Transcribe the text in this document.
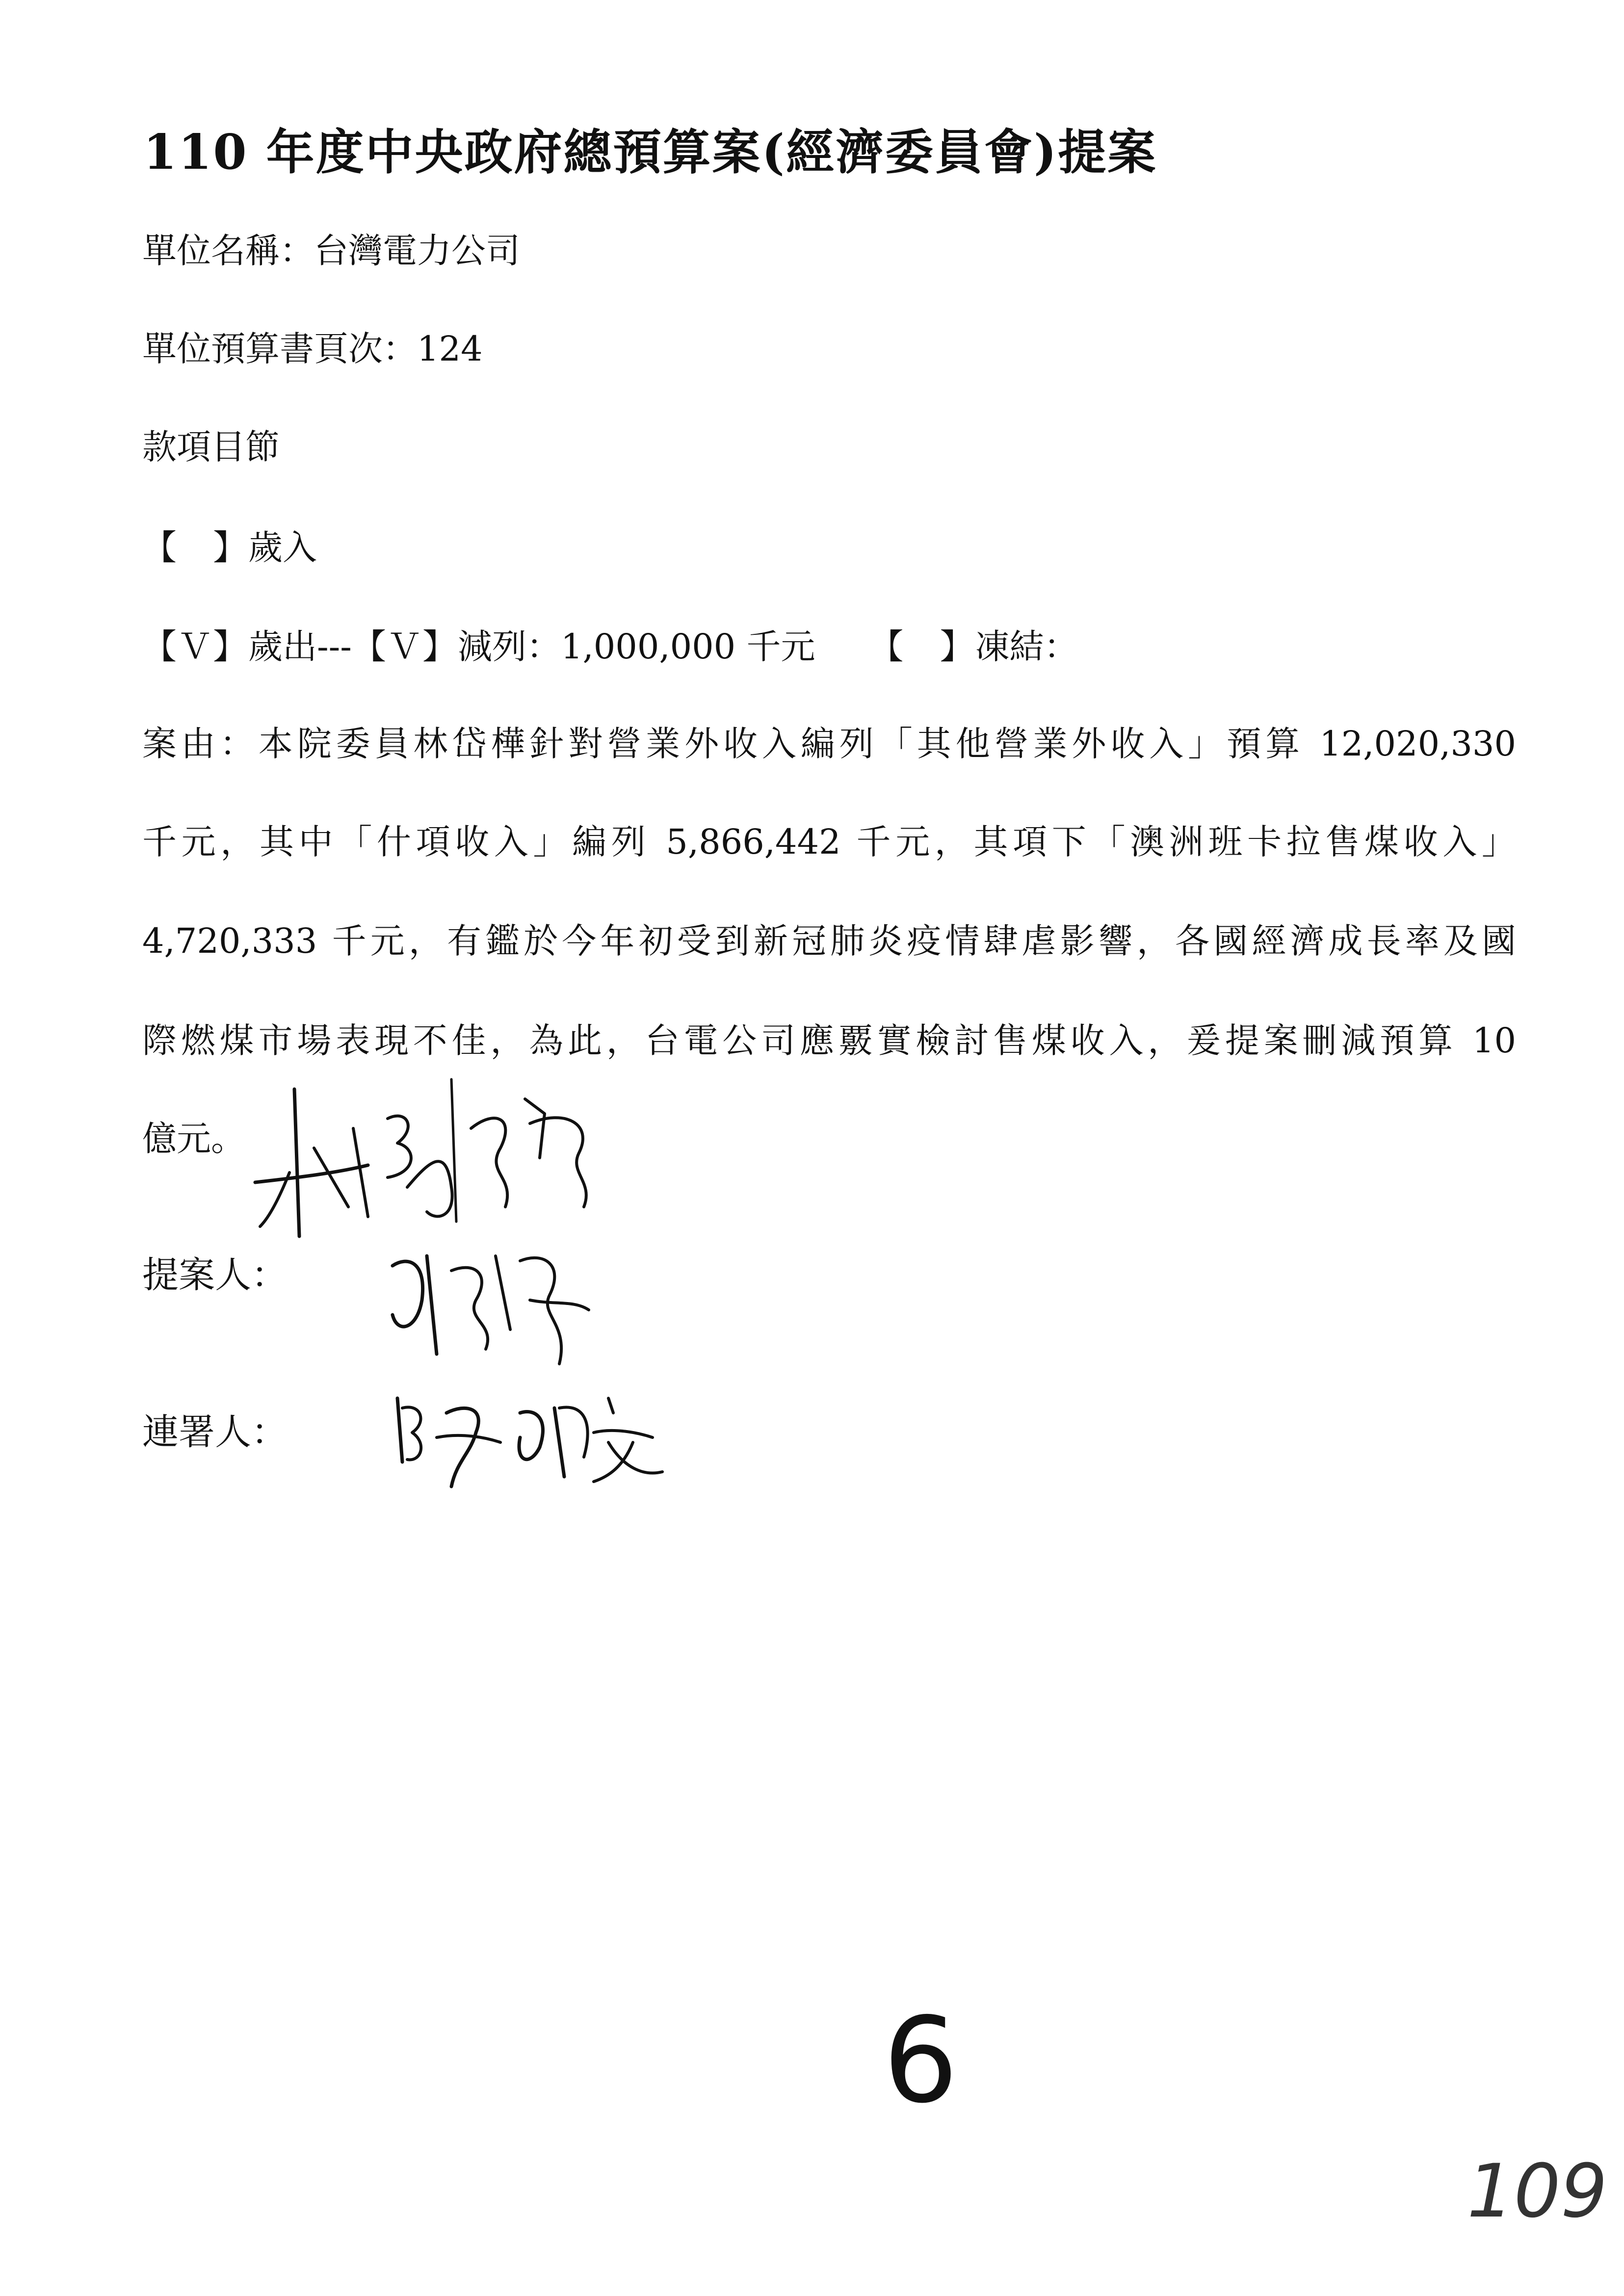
110 年度中央政府總預算案(經濟委員會)提案
單位名稱：台灣電力公司
單位預算書頁次：124
款項目節
【　】歲入
【Ｖ】歲出---【Ｖ】減列：1,000,000 千元 【　】凍結：
案由：本院委員林岱樺針對營業外收入編列「其他營業外收入」預算 12,020,330
千元，其中「什項收入」編列 5,866,442 千元，其項下「澳洲班卡拉售煤收入」
4,720,333 千元，有鑑於今年初受到新冠肺炎疫情肆虐影響，各國經濟成長率及國
際燃煤市場表現不佳，為此，台電公司應覈實檢討售煤收入，爰提案刪減預算 10
億元。
提案人：
連署人：
6
109
